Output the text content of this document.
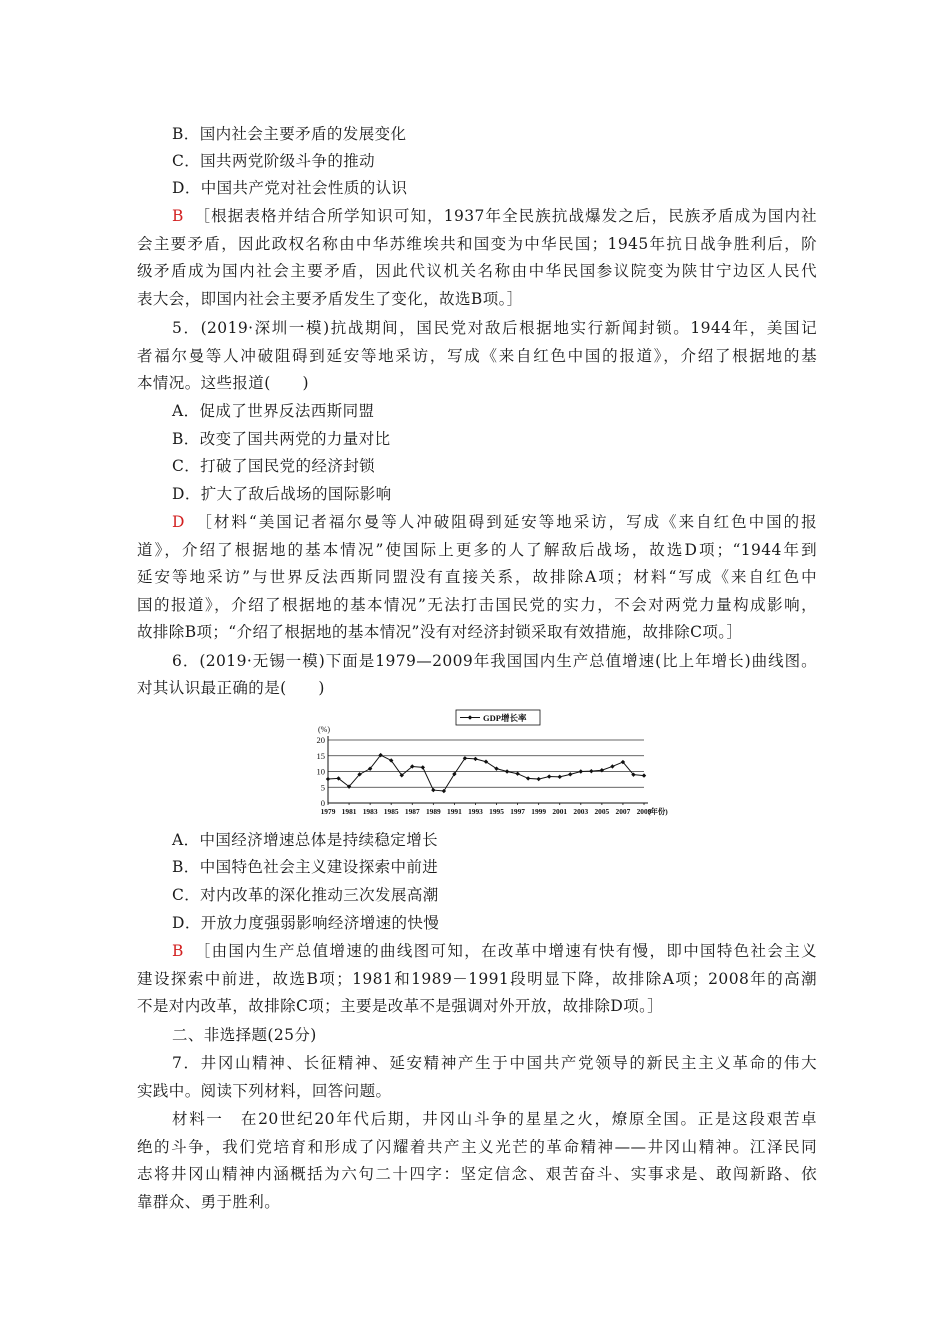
B．国内社会主要矛盾的发展变化
C．国共两党阶级斗争的推动
D．中国共产党对社会性质的认识
B ［根据表格并结合所学知识可知，1937年全民族抗战爆发之后，民族矛盾成为国内社
会主要矛盾，因此政权名称由中华苏维埃共和国变为中华民国；1945年抗日战争胜利后，阶
级矛盾成为国内社会主要矛盾，因此代议机关名称由中华民国参议院变为陕甘宁边区人民代
表大会，即国内社会主要矛盾发生了变化，故选B项。］
5．(2019·深圳一模)抗战期间，国民党对敌后根据地实行新闻封锁。1944年，美国记
者福尔曼等人冲破阻碍到延安等地采访，写成《来自红色中国的报道》，介绍了根据地的基
本情况。这些报道(　　)
A．促成了世界反法西斯同盟
B．改变了国共两党的力量对比
C．打破了国民党的经济封锁
D．扩大了敌后战场的国际影响
D ［材料“美国记者福尔曼等人冲破阻碍到延安等地采访，写成《来自红色中国的报
道》，介绍了根据地的基本情况”使国际上更多的人了解敌后战场，故选D项；“1944年到
延安等地采访”与世界反法西斯同盟没有直接关系，故排除A项；材料“写成《来自红色中
国的报道》，介绍了根据地的基本情况”无法打击国民党的实力，不会对两党力量构成影响，
故排除B项；“介绍了根据地的基本情况”没有对经济封锁采取有效措施，故排除C项。］
6．(2019·无锡一模)下面是1979—2009年我国国内生产总值增速(比上年增长)曲线图。
对其认识最正确的是(　　)
0
5
10
15
20
(%)
1979 1981 1983 1985 1987 1989 1991 1993 1995 1997 1999 2001 2003 2005 2007 2009
(年份)
GDP增长率
A．中国经济增速总体是持续稳定增长
B．中国特色社会主义建设探索中前进
C．对内改革的深化推动三次发展高潮
D．开放力度强弱影响经济增速的快慢
B ［由国内生产总值增速的曲线图可知，在改革中增速有快有慢，即中国特色社会主义
建设探索中前进，故选B项；1981和1989－1991段明显下降，故排除A项；2008年的高潮
不是对内改革，故排除C项；主要是改革不是强调对外开放，故排除D项。］
二、非选择题(25分)
7．井冈山精神、长征精神、延安精神产生于中国共产党领导的新民主主义革命的伟大
实践中。阅读下列材料，回答问题。
材料一　在20世纪20年代后期，井冈山斗争的星星之火，燎原全国。正是这段艰苦卓
绝的斗争，我们党培育和形成了闪耀着共产主义光芒的革命精神——井冈山精神。江泽民同
志将井冈山精神内涵概括为六句二十四字：坚定信念、艰苦奋斗、实事求是、敢闯新路、依
靠群众、勇于胜利。
